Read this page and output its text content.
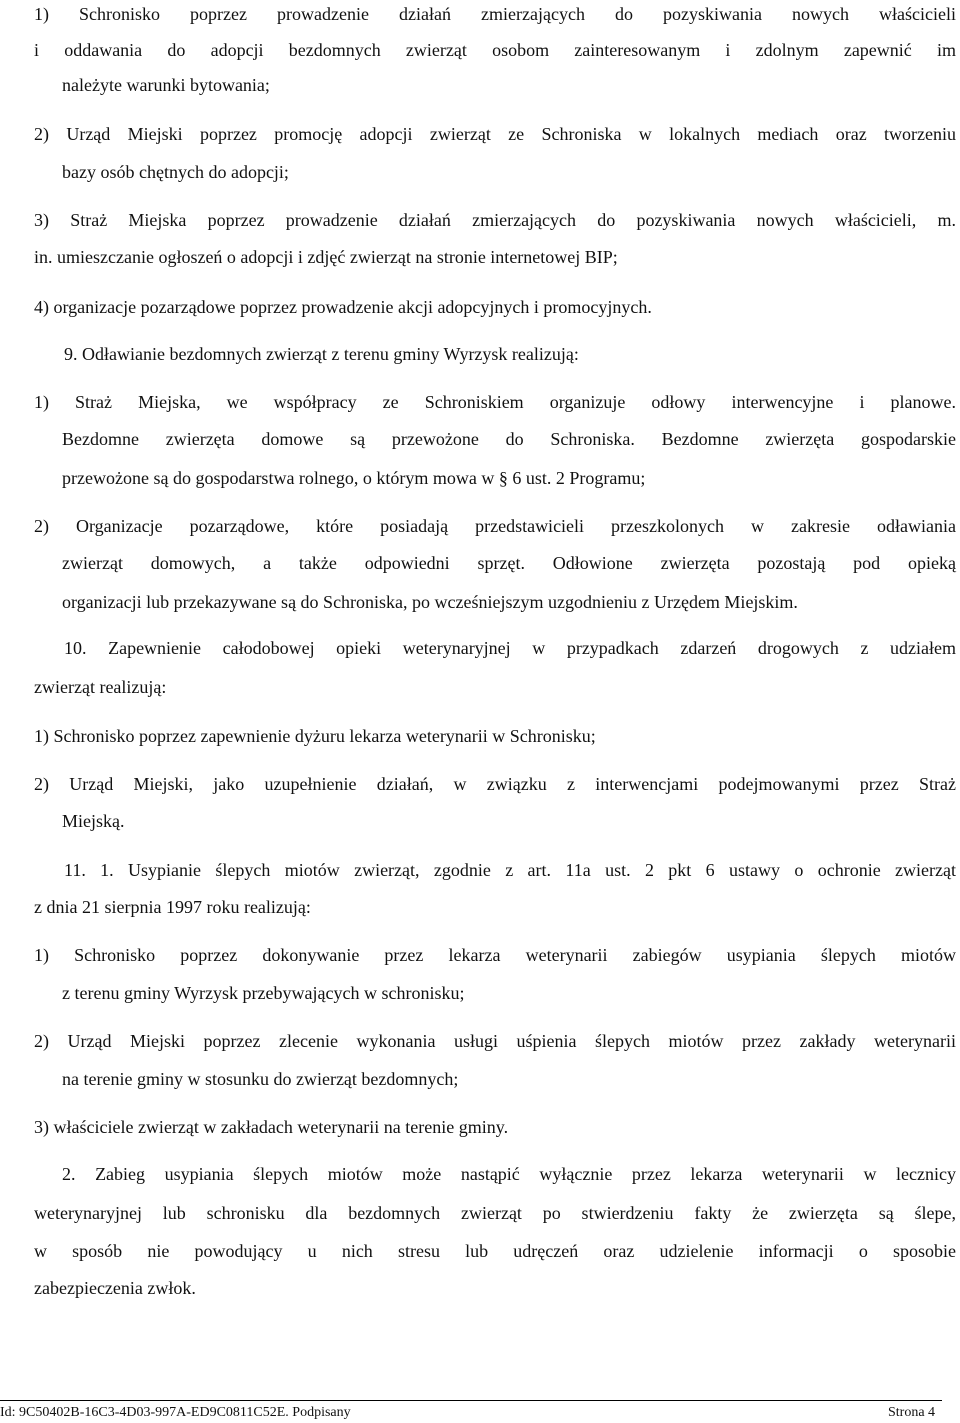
1) Schronisko poprzez prowadzenie działań zmierzających do pozyskiwania nowych właścicieli
i oddawania do adopcji bezdomnych zwierząt osobom zainteresowanym i zdolnym zapewnić im
należyte warunki bytowania;
2) Urząd Miejski poprzez promocję adopcji zwierząt ze Schroniska w lokalnych mediach oraz tworzeniu
bazy osób chętnych do adopcji;
3) Straż Miejska poprzez prowadzenie działań zmierzających do pozyskiwania nowych właścicieli, m.
in. umieszczanie ogłoszeń o adopcji i zdjęć zwierząt na stronie internetowej BIP;
4) organizacje pozarządowe poprzez prowadzenie akcji adopcyjnych i promocyjnych.
9. Odławianie bezdomnych zwierząt z terenu gminy Wyrzysk realizują:
1) Straż Miejska, we współpracy ze Schroniskiem organizuje odłowy interwencyjne i planowe.
Bezdomne zwierzęta domowe są przewożone do Schroniska. Bezdomne zwierzęta gospodarskie
przewożone są do gospodarstwa rolnego, o którym mowa w § 6 ust. 2 Programu;
2) Organizacje pozarządowe, które posiadają przedstawicieli przeszkolonych w zakresie odławiania
zwierząt domowych, a także odpowiedni sprzęt. Odłowione zwierzęta pozostają pod opieką
organizacji lub przekazywane są do Schroniska, po wcześniejszym uzgodnieniu z Urzędem Miejskim.
10. Zapewnienie całodobowej opieki weterynaryjnej w przypadkach zdarzeń drogowych z udziałem
zwierząt realizują:
1) Schronisko poprzez zapewnienie dyżuru lekarza weterynarii w Schronisku;
2) Urząd Miejski, jako uzupełnienie działań, w związku z interwencjami podejmowanymi przez Straż
Miejską.
11. 1. Usypianie ślepych miotów zwierząt, zgodnie z art. 11a ust. 2 pkt 6 ustawy o ochronie zwierząt
z dnia 21 sierpnia 1997 roku realizują:
1) Schronisko poprzez dokonywanie przez lekarza weterynarii zabiegów usypiania ślepych miotów
z terenu gminy Wyrzysk przebywających w schronisku;
2) Urząd Miejski poprzez zlecenie wykonania usługi uśpienia ślepych miotów przez zakłady weterynarii
na terenie gminy w stosunku do zwierząt bezdomnych;
3) właściciele zwierząt w zakładach weterynarii na terenie gminy.
2. Zabieg usypiania ślepych miotów może nastąpić wyłącznie przez lekarza weterynarii w lecznicy
weterynaryjnej lub schronisku dla bezdomnych zwierząt po stwierdzeniu fakty że zwierzęta są ślepe,
w sposób nie powodujący u nich stresu lub udręczeń oraz udzielenie informacji o sposobie
zabezpieczenia zwłok.
Id: 9C50402B-16C3-4D03-997A-ED9C0811C52E. Podpisany	Strona 4
